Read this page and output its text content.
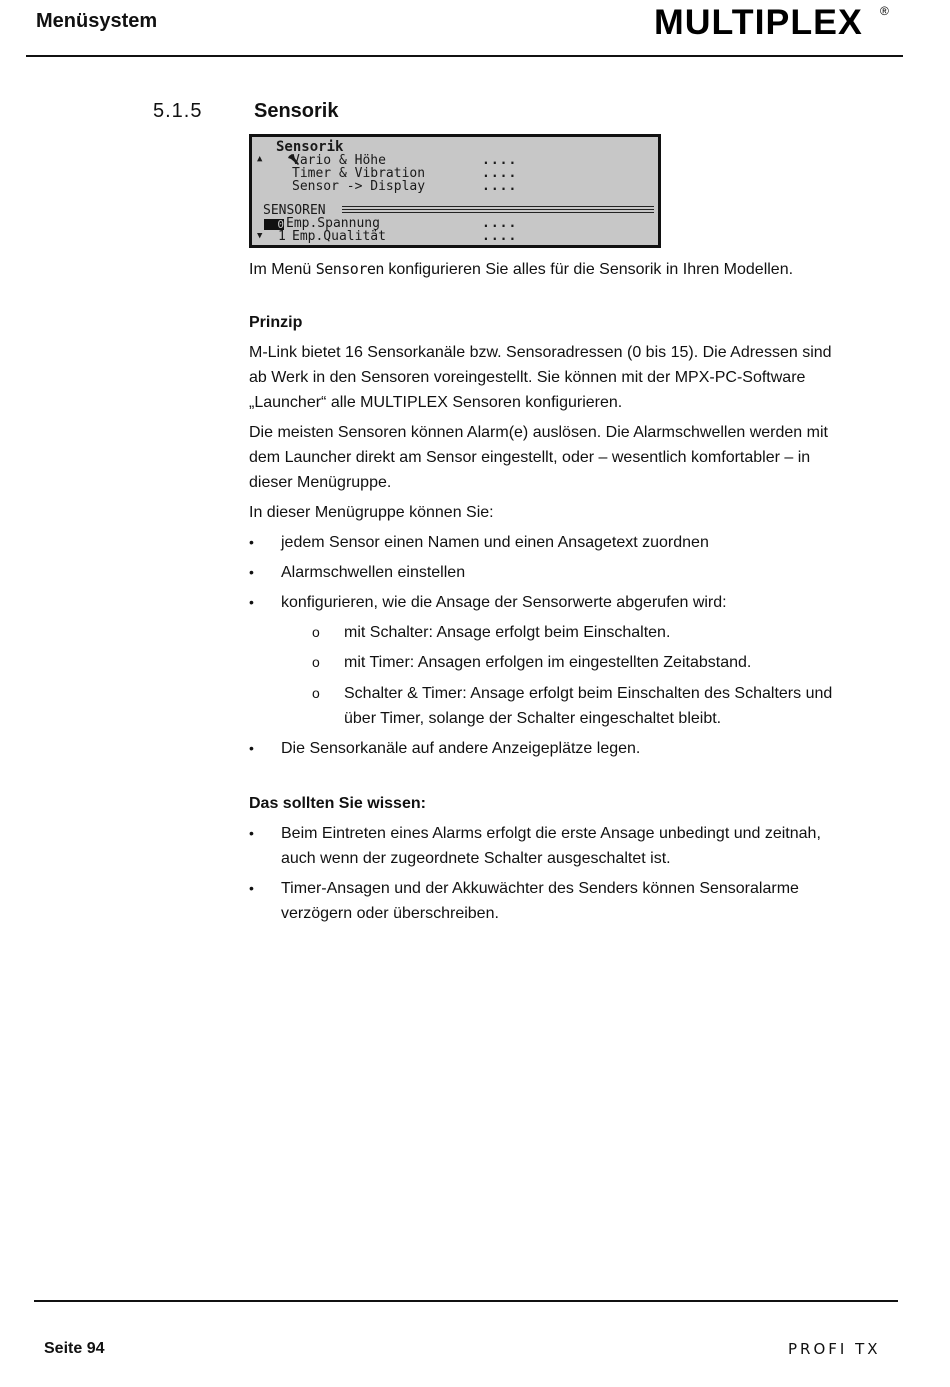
Menüsystem	MULTIPLEX ®
5.1.5	Sensorik

Sensorik
▲ Vario & Höhe	....
Timer & Vibration	....
Sensor -> Display	....
SENSOREN
0 Emp.Spannung	....
▼ 1 Emp.Qualität	....
Im Menü Sensoren konfigurieren Sie alles für die Sensorik in Ihren Modellen.
Prinzip
M-Link bietet 16 Sensorkanäle bzw. Sensoradressen (0 bis 15). Die Adressen sind
ab Werk in den Sensoren voreingestellt. Sie können mit der MPX-PC-Software
„Launcher“ alle MULTIPLEX Sensoren konfigurieren.
Die meisten Sensoren können Alarm(e) auslösen. Die Alarmschwellen werden mit
dem Launcher direkt am Sensor eingestellt, oder – wesentlich komfortabler – in
dieser Menügruppe.
In dieser Menügruppe können Sie:
• jedem Sensor einen Namen und einen Ansagetext zuordnen
• Alarmschwellen einstellen
• konfigurieren, wie die Ansage der Sensorwerte abgerufen wird:
o mit Schalter: Ansage erfolgt beim Einschalten.
o mit Timer: Ansagen erfolgen im eingestellten Zeitabstand.
o Schalter & Timer: Ansage erfolgt beim Einschalten des Schalters und
über Timer, solange der Schalter eingeschaltet bleibt.
• Die Sensorkanäle auf andere Anzeigeplätze legen.
Das sollten Sie wissen:
• Beim Eintreten eines Alarms erfolgt die erste Ansage unbedingt und zeitnah,
auch wenn der zugeordnete Schalter ausgeschaltet ist.
• Timer-Ansagen und der Akkuwächter des Senders können Sensoralarme
verzögern oder überschreiben.
Seite 94	PROFI TX
